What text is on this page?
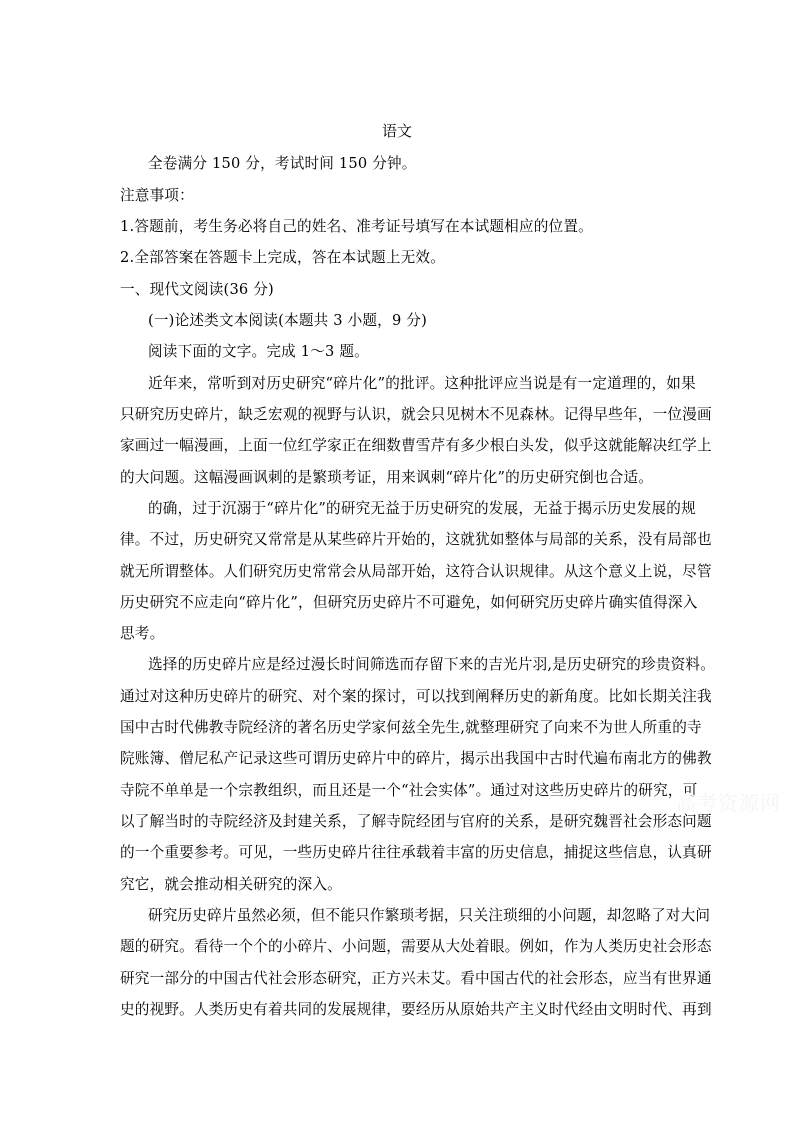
语文
全卷满分 150 分，考试时间 150 分钟。
注意事项：
1.答题前，考生务必将自己的姓名、准考证号填写在本试题相应的位置。
2.全部答案在答题卡上完成，答在本试题上无效。
一、现代文阅读(36 分)
(一)论述类文本阅读(本题共 3 小题，9 分)
阅读下面的文字。完成 1～3 题。
近年来，常听到对历史研究“碎片化”的批评。这种批评应当说是有一定道理的，如果
只研究历史碎片，缺乏宏观的视野与认识，就会只见树木不见森林。记得早些年，一位漫画
家画过一幅漫画，上面一位红学家正在细数曹雪芹有多少根白头发，似乎这就能解决红学上
的大问题。这幅漫画讽刺的是繁琐考证，用来讽刺“碎片化”的历史研究倒也合适。
的确，过于沉溺于“碎片化”的研究无益于历史研究的发展，无益于揭示历史发展的规
律。不过，历史研究又常常是从某些碎片开始的，这就犹如整体与局部的关系，没有局部也
就无所谓整体。人们研究历史常常会从局部开始，这符合认识规律。从这个意义上说，尽管
历史研究不应走向“碎片化”，但研究历史碎片不可避免，如何研究历史碎片确实值得深入
思考。
选择的历史碎片应是经过漫长时间筛选而存留下来的吉光片羽,是历史研究的珍贵资料。
通过对这种历史碎片的研究、对个案的探讨，可以找到阐释历史的新角度。比如长期关注我
国中古时代佛教寺院经济的著名历史学家何兹全先生,就整理研究了向来不为世人所重的寺
院账簿、僧尼私产记录这些可谓历史碎片中的碎片，揭示出我国中古时代遍布南北方的佛教
寺院不单单是一个宗教组织，而且还是一个“社会实体”。通过对这些历史碎片的研究，可
以了解当时的寺院经济及封建关系，了解寺院经团与官府的关系，是研究魏晋社会形态问题
的一个重要参考。可见，一些历史碎片往往承载着丰富的历史信息，捕捉这些信息，认真研
究它，就会推动相关研究的深入。
研究历史碎片虽然必须，但不能只作繁琐考据，只关注琐细的小问题，却忽略了对大问
题的研究。看待一个个的小碎片、小问题，需要从大处着眼。例如，作为人类历史社会形态
研究一部分的中国古代社会形态研究，正方兴未艾。看中国古代的社会形态，应当有世界通
史的视野。人类历史有着共同的发展规律，要经历从原始共产主义时代经由文明时代、再到
高考资源网
